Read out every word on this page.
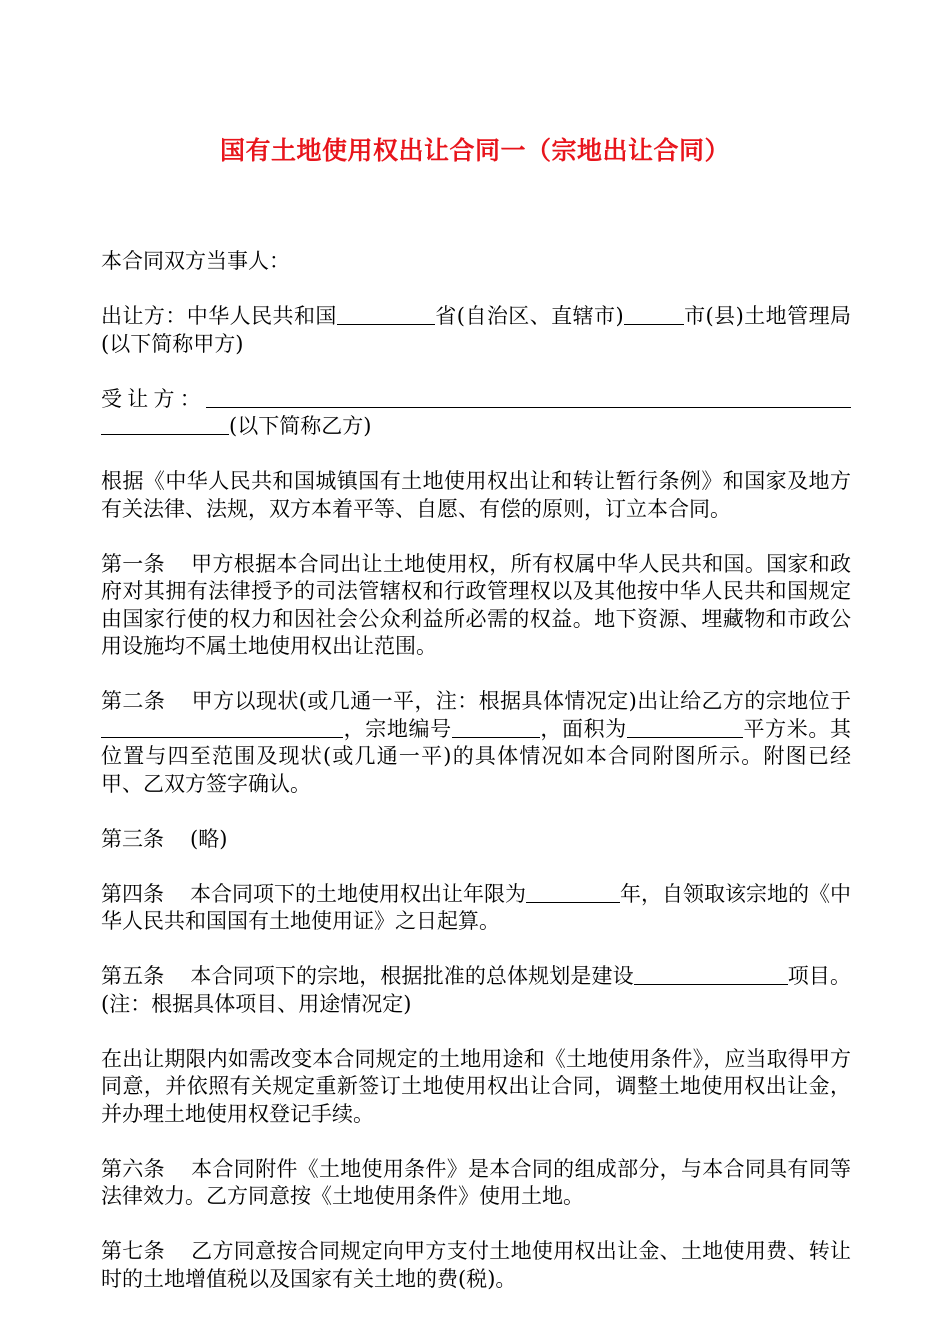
国有土地使用权出让合同一（宗地出让合同）

本合同双方当事人：

出让方：中华人民共和国	省(自治区、直辖市)	市(县)土地管理局(以下简称甲方)

受让方：(以下简称乙方)

根据《中华人民共和国城镇国有土地使用权出让和转让暂行条例》和国家及地方有关法律、法规，双方本着平等、自愿、有偿的原则，订立本合同。

第一条 甲方根据本合同出让土地使用权，所有权属中华人民共和国。国家和政府对其拥有法律授予的司法管辖权和行政管理权以及其他按中华人民共和国规定由国家行使的权力和因社会公众利益所必需的权益。地下资源、埋藏物和市政公用设施均不属土地使用权出让范围。

第二条 甲方以现状(或几通一平，注：根据具体情况定)出让给乙方的宗地位于，宗地编号	，面积为	平方米。其位置与四至范围及现状(或几通一平)的具体情况如本合同附图所示。附图已经甲、乙双方签字确认。

第三条 (略)

第四条 本合同项下的土地使用权出让年限为	年，自领取该宗地的《中华人民共和国国有土地使用证》之日起算。

第五条 本合同项下的宗地，根据批准的总体规划是建设	项目。(注：根据具体项目、用途情况定)

在出让期限内如需改变本合同规定的土地用途和《土地使用条件》，应当取得甲方同意，并依照有关规定重新签订土地使用权出让合同，调整土地使用权出让金，并办理土地使用权登记手续。

第六条 本合同附件《土地使用条件》是本合同的组成部分，与本合同具有同等法律效力。乙方同意按《土地使用条件》使用土地。

第七条 乙方同意按合同规定向甲方支付土地使用权出让金、土地使用费、转让时的土地增值税以及国家有关土地的费(税)。
